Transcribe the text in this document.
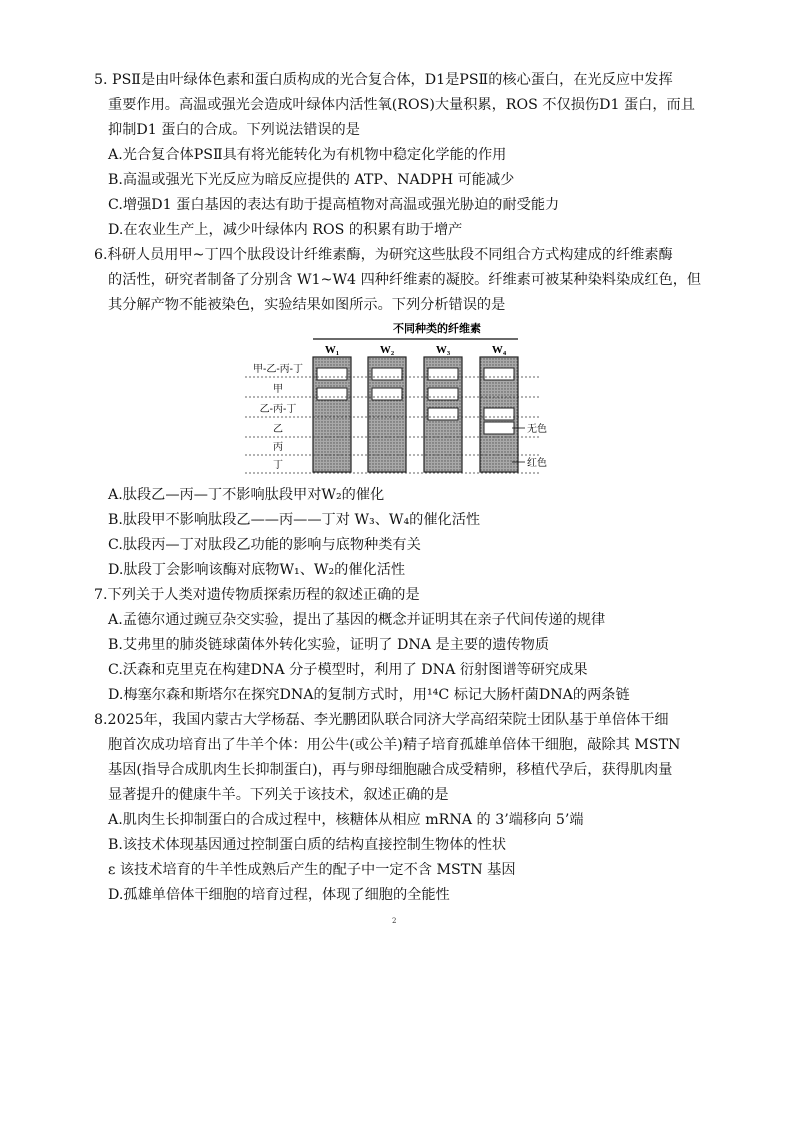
5. PSⅡ是由叶绿体色素和蛋白质构成的光合复合体，D1是PSⅡ的核心蛋白，在光反应中发挥
重要作用。高温或强光会造成叶绿体内活性氧(ROS)大量积累，ROS 不仅损伤D1 蛋白，而且
抑制D1 蛋白的合成。下列说法错误的是
A.光合复合体PSⅡ具有将光能转化为有机物中稳定化学能的作用
B.高温或强光下光反应为暗反应提供的 ATP、NADPH 可能减少
C.增强D1 蛋白基因的表达有助于提高植物对高温或强光胁迫的耐受能力
D.在农业生产上，减少叶绿体内 ROS 的积累有助于增产
6.科研人员用甲~丁四个肽段设计纤维素酶，为研究这些肽段不同组合方式构建成的纤维素酶
的活性，研究者制备了分别含 W1~W4 四种纤维素的凝胶。纤维素可被某种染料染成红色，但
其分解产物不能被染色，实验结果如图所示。下列分析错误的是
不同种类的纤维素
W₁	W₂	W₃	W₄
甲-乙-丙-丁
甲
乙-丙-丁
乙
丙
丁
无色
红色
A.肽段乙—丙—丁不影响肽段甲对W₂的催化
B.肽段甲不影响肽段乙——丙——丁对 W₃、W₄的催化活性
C.肽段丙—丁对肽段乙功能的影响与底物种类有关
D.肽段丁会影响该酶对底物W₁、W₂的催化活性
7.下列关于人类对遗传物质探索历程的叙述正确的是
A.孟德尔通过豌豆杂交实验，提出了基因的概念并证明其在亲子代间传递的规律
B.艾弗里的肺炎链球菌体外转化实验，证明了 DNA 是主要的遗传物质
C.沃森和克里克在构建DNA 分子模型时，利用了 DNA 衍射图谱等研究成果
D.梅塞尔森和斯塔尔在探究DNA的复制方式时，用¹⁴C 标记大肠杆菌DNA的两条链
8.2025年，我国内蒙古大学杨磊、李光鹏团队联合同济大学高绍荣院士团队基于单倍体干细
胞首次成功培育出了牛羊个体：用公牛(或公羊)精子培育孤雄单倍体干细胞，敲除其 MSTN
基因(指导合成肌肉生长抑制蛋白)，再与卵母细胞融合成受精卵，移植代孕后，获得肌肉量
显著提升的健康牛羊。下列关于该技术，叙述正确的是
A.肌肉生长抑制蛋白的合成过程中，核糖体从相应 mRNA 的 3’端移向 5’端
B.该技术体现基因通过控制蛋白质的结构直接控制生物体的性状
ε 该技术培育的牛羊性成熟后产生的配子中一定不含 MSTN 基因
D.孤雄单倍体干细胞的培育过程，体现了细胞的全能性
2
